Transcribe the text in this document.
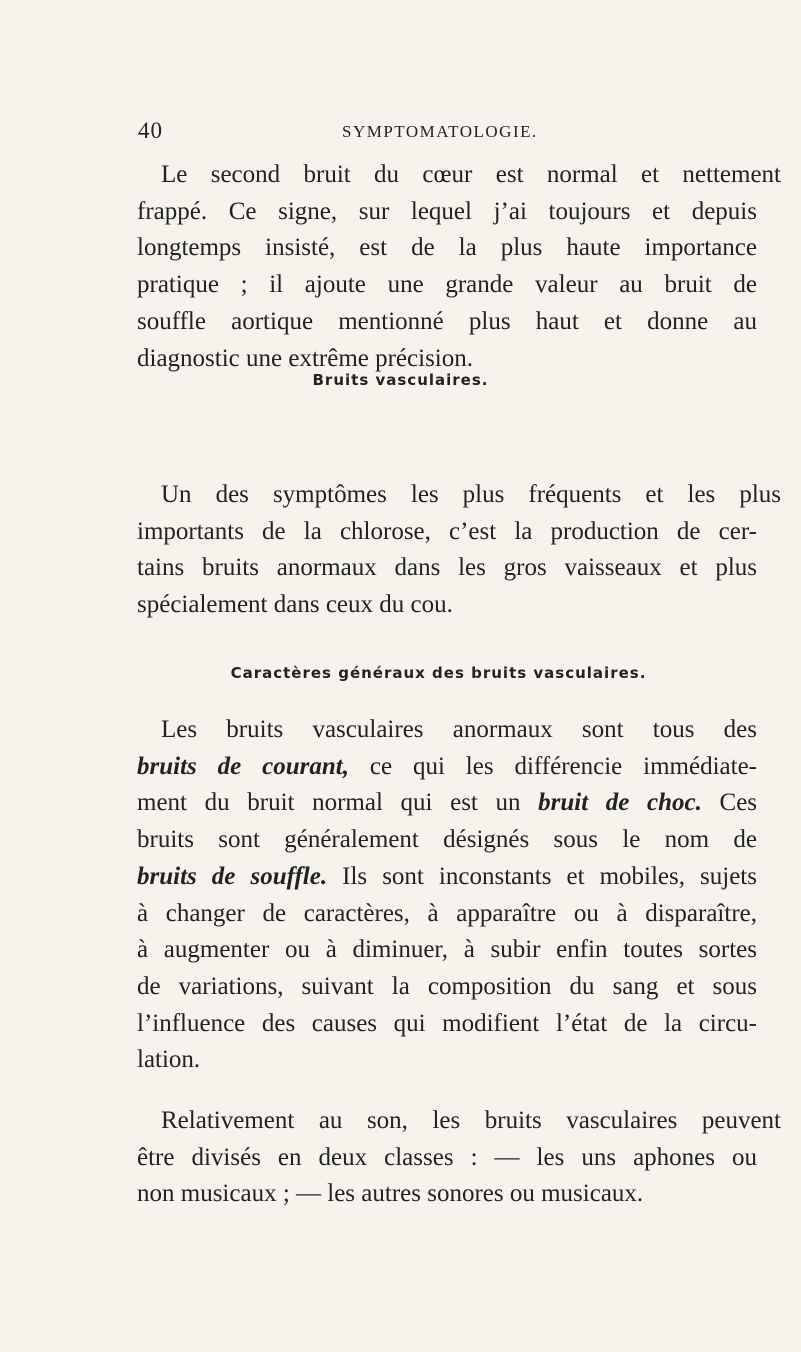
40	SYMPTOMATOLOGIE.
Le second bruit du cœur est normal et nettement
frappé. Ce signe, sur lequel j’ai toujours et depuis
longtemps insisté, est de la plus haute importance
pratique ; il ajoute une grande valeur au bruit de
souffle aortique mentionné plus haut et donne au
diagnostic une extrême précision.
Bruits vasculaires.
Un des symptômes les plus fréquents et les plus
importants de la chlorose, c’est la production de cer-
tains bruits anormaux dans les gros vaisseaux et plus
spécialement dans ceux du cou.
Caractères généraux des bruits vasculaires.
Les bruits vasculaires anormaux sont tous des
bruits de courant, ce qui les différencie immédiate-
ment du bruit normal qui est un bruit de choc. Ces
bruits sont généralement désignés sous le nom de
bruits de souffle. Ils sont inconstants et mobiles, sujets
à changer de caractères, à apparaître ou à disparaître,
à augmenter ou à diminuer, à subir enfin toutes sortes
de variations, suivant la composition du sang et sous
l’influence des causes qui modifient l’état de la circu-
lation.
Relativement au son, les bruits vasculaires peuvent
être divisés en deux classes : — les uns aphones ou
non musicaux ; — les autres sonores ou musicaux.
